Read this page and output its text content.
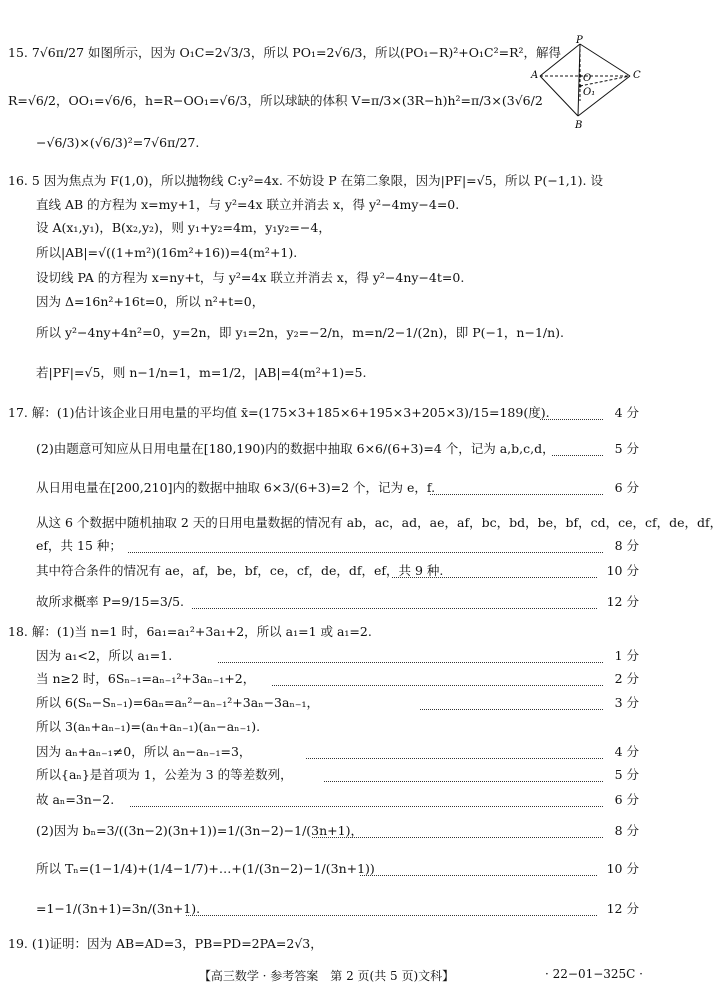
P
A	C
B
O
O₁
15. 7√6π/27 如图所示，因为 O₁C=2√3/3，所以 PO₁=2√6/3，所以(PO₁−R)²+O₁C²=R²，解得
R=√6/2，OO₁=√6/6，h=R−OO₁=√6/3，所以球缺的体积 V=π/3×(3R−h)h²=π/3×(3√6/2
−√6/3)×(√6/3)²=7√6π/27.
16. 5 因为焦点为 F(1,0)，所以抛物线 C:y²=4x. 不妨设 P 在第二象限，因为|PF|=√5，所以 P(−1,1). 设
直线 AB 的方程为 x=my+1，与 y²=4x 联立并消去 x，得 y²−4my−4=0.
设 A(x₁,y₁)，B(x₂,y₂)，则 y₁+y₂=4m，y₁y₂=−4，
所以|AB|=√((1+m²)(16m²+16))=4(m²+1).
设切线 PA 的方程为 x=ny+t，与 y²=4x 联立并消去 x，得 y²−4ny−4t=0.
因为 Δ=16n²+16t=0，所以 n²+t=0，
所以 y²−4ny+4n²=0，y=2n，即 y₁=2n，y₂=−2/n，m=n/2−1/(2n)，即 P(−1，n−1/n).
若|PF|=√5，则 n−1/n=1，m=1/2，|AB|=4(m²+1)=5.
17. 解：(1)估计该企业日用电量的平均值 x̄=(175×3+185×6+195×3+205×3)/15=189(度).	4 分
(2)由题意可知应从日用电量在[180,190)内的数据中抽取 6×6/(6+3)=4 个，记为 a,b,c,d，	5 分
从日用电量在[200,210]内的数据中抽取 6×3/(6+3)=2 个，记为 e，f.	6 分
从这 6 个数据中随机抽取 2 天的日用电量数据的情况有 ab，ac，ad，ae，af，bc，bd，be，bf，cd，ce，cf，de，df，
ef，共 15 种；	8 分
其中符合条件的情况有 ae，af，be，bf，ce，cf，de，df，ef，共 9 种.	10 分
故所求概率 P=9/15=3/5.	12 分
18. 解：(1)当 n=1 时，6a₁=a₁²+3a₁+2，所以 a₁=1 或 a₁=2.
因为 a₁<2，所以 a₁=1.	1 分
当 n≥2 时，6Sₙ₋₁=aₙ₋₁²+3aₙ₋₁+2，	2 分
所以 6(Sₙ−Sₙ₋₁)=6aₙ=aₙ²−aₙ₋₁²+3aₙ−3aₙ₋₁，	3 分
所以 3(aₙ+aₙ₋₁)=(aₙ+aₙ₋₁)(aₙ−aₙ₋₁).
因为 aₙ+aₙ₋₁≠0，所以 aₙ−aₙ₋₁=3，	4 分
所以{aₙ}是首项为 1，公差为 3 的等差数列，	5 分
故 aₙ=3n−2.	6 分
(2)因为 bₙ=3/((3n−2)(3n+1))=1/(3n−2)−1/(3n+1)，	8 分
所以 Tₙ=(1−1/4)+(1/4−1/7)+…+(1/(3n−2)−1/(3n+1))	10 分
=1−1/(3n+1)=3n/(3n+1).	12 分
19. (1)证明：因为 AB=AD=3，PB=PD=2PA=2√3，
【高三数学 · 参考答案　第 2 页(共 5 页)文科】	· 22−01−325C ·
